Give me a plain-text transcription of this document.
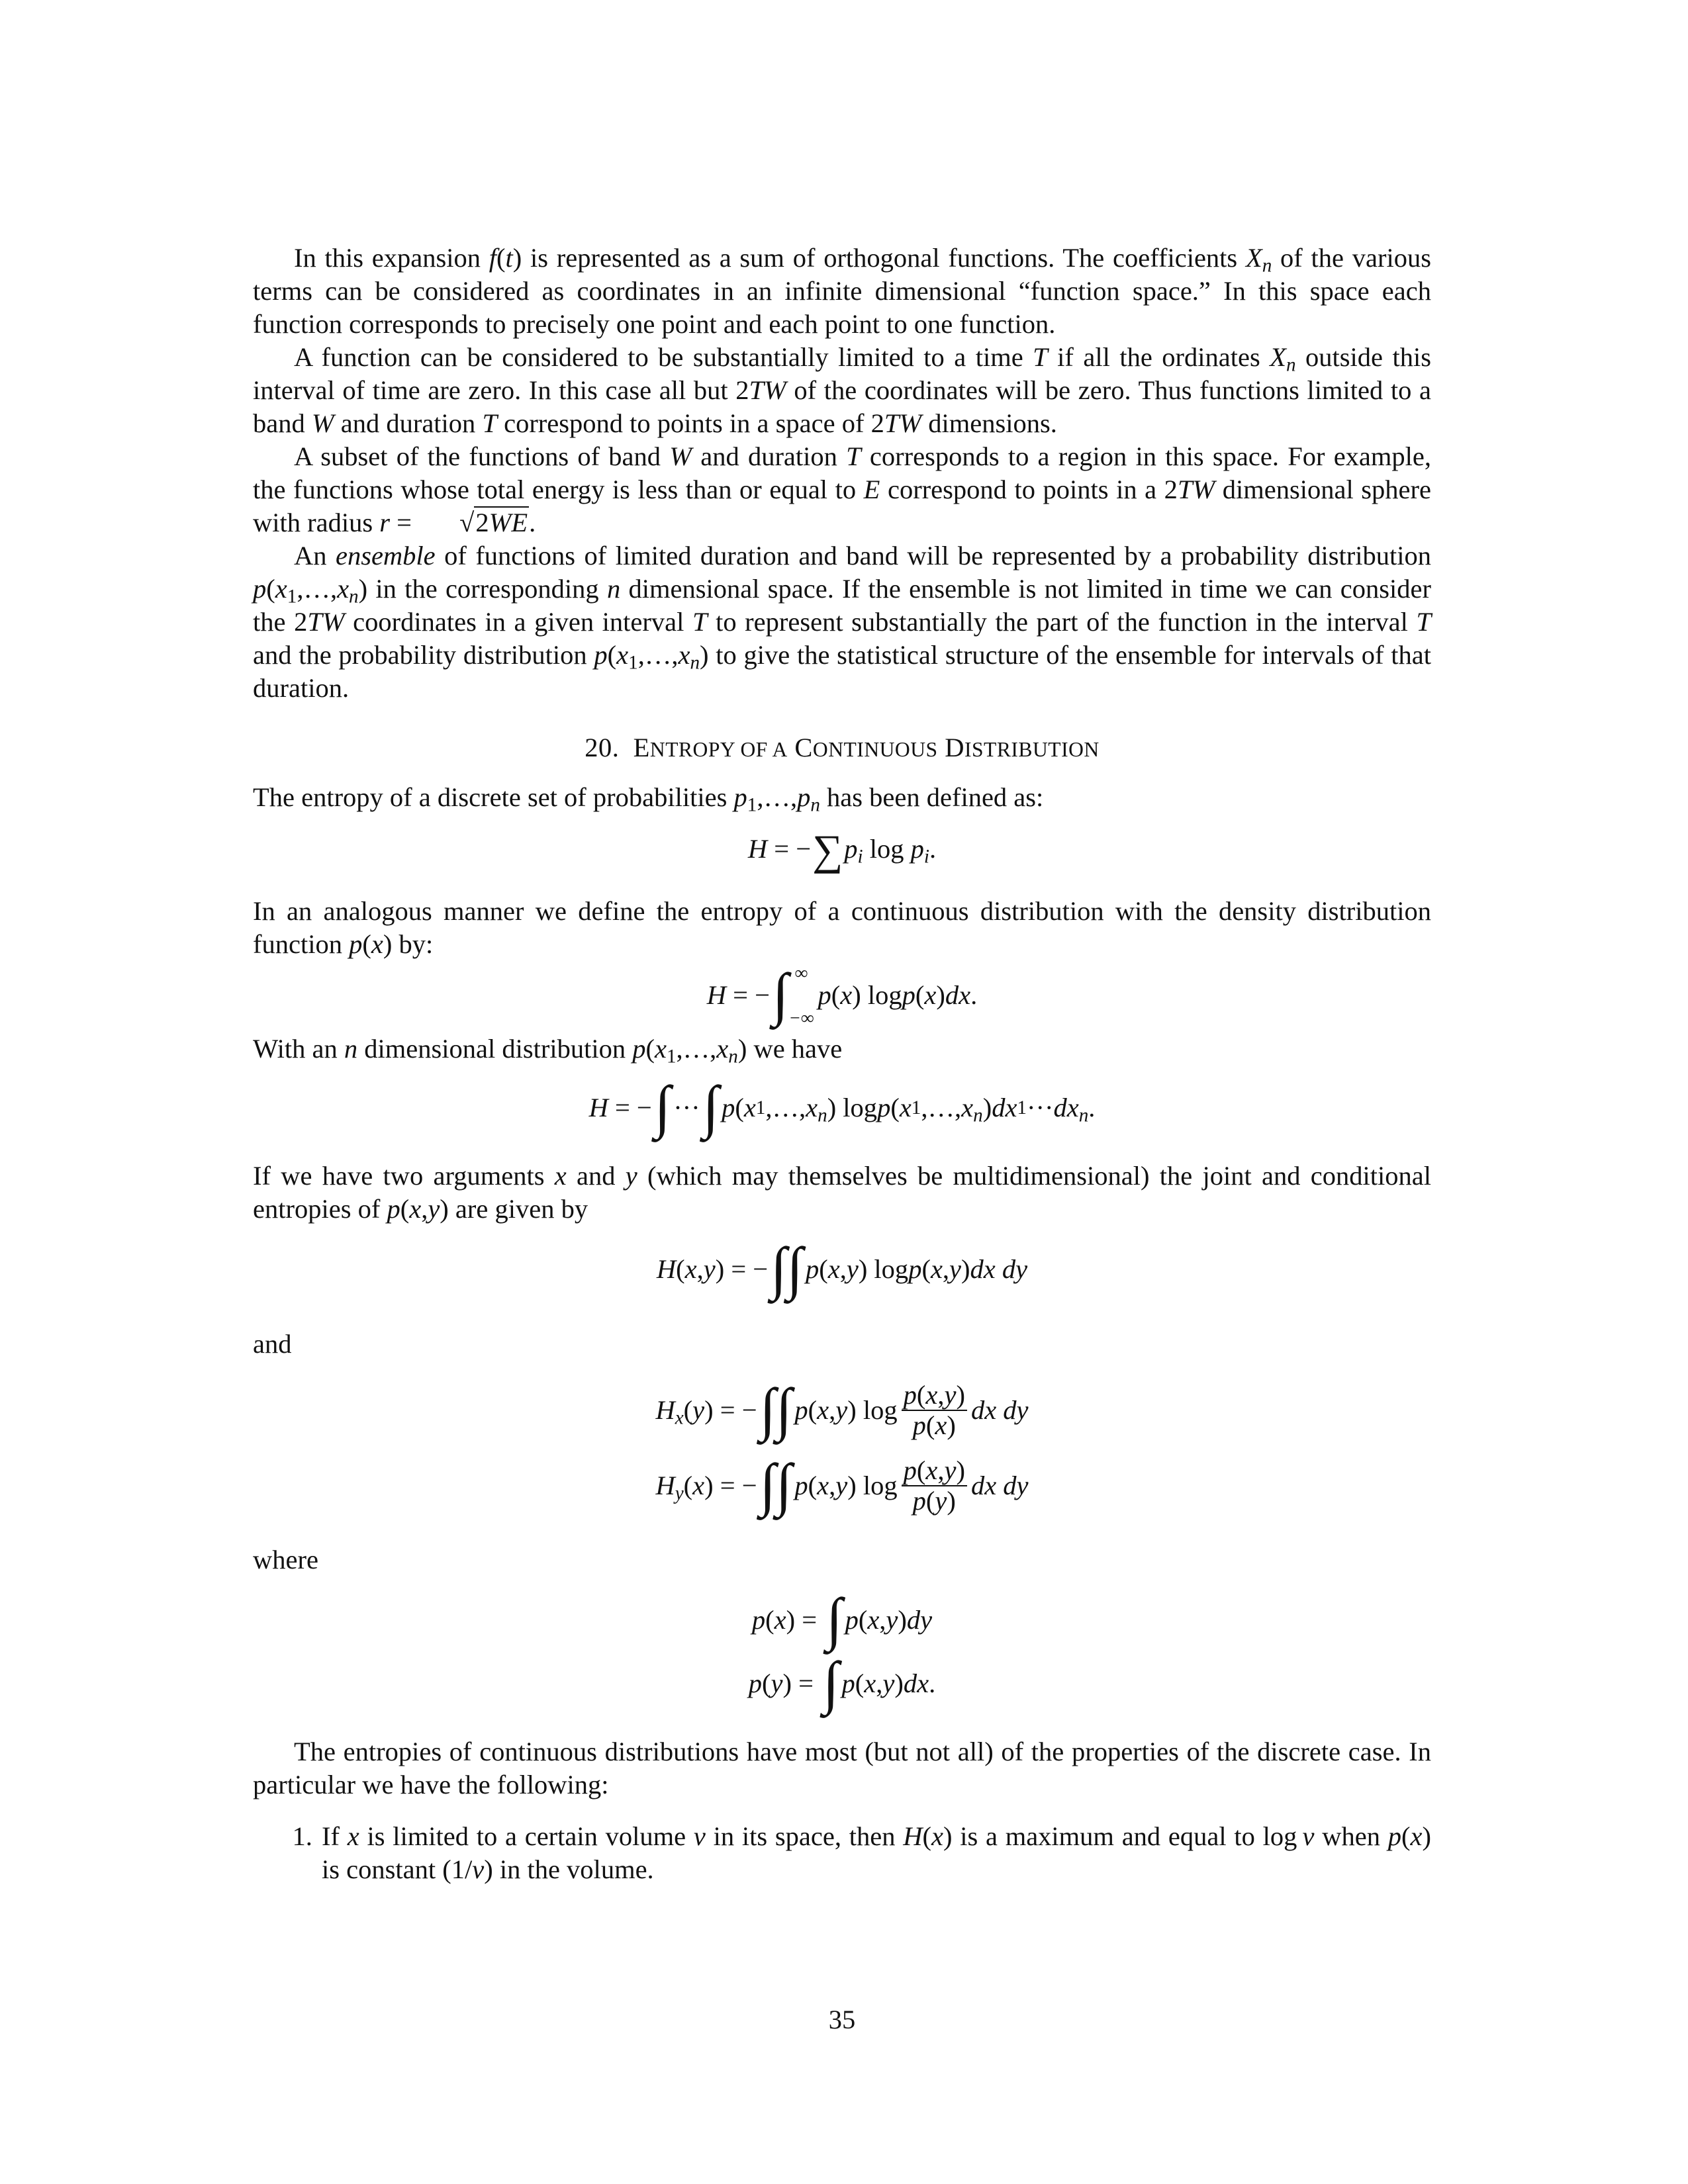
In this expansion f(t) is represented as a sum of orthogonal functions. The coefficients $X_n$ of the various terms can be considered as coordinates in an infinite dimensional “function space.” In this space each function corresponds to precisely one point and each point to one function.

A function can be considered to be substantially limited to a time T if all the ordinates $X_n$ outside this interval of time are zero. In this case all but 2TW of the coordinates will be zero. Thus functions limited to a band W and duration T correspond to points in a space of 2TW dimensions.

A subset of the functions of band W and duration T corresponds to a region in this space. For example, the functions whose total energy is less than or equal to E correspond to points in a 2TW dimensional sphere with radius r = √2WE.

An ensemble of functions of limited duration and band will be represented by a probability distribution $p(x_1,\dots,x_n)$ in the corresponding n dimensional space. If the ensemble is not limited in time we can consider the 2TW coordinates in a given interval T to represent substantially the part of the function in the interval T and the probability distribution $p(x_1,\dots,x_n)$ to give the statistical structure of the ensemble for intervals of that duration.

20.  ENTROPY OF A CONTINUOUS DISTRIBUTION

The entropy of a discrete set of probabilities $p_1,\dots,p_n$ has been defined as:

$H = -\sum p_i$ $\log p_i$.

In an analogous manner we define the entropy of a continuous distribution with the density distribution function p(x) by:

H = − ∫ ∞
−∞
p ( x ) log p ( x ) dx .

With an n dimensional distribution $p(x_1,\dots,x_n)$ we have

H = − ∫ ··· ∫ p ( x 1 ,…, $x_n$ ) log p ( x 1 ,…, $x_n$ ) dx 1 ··· $dx_n$ .

If we have two arguments x and y (which may themselves be multidimensional) the joint and conditional entropies of p(x,y) are given by

H ( x , y ) = − ∫∫ p ( x , y ) log p ( x , y ) dx dy

and

$H_x$ ( y ) = − ∫∫ p ( x , y ) $\log \frac{p(x,y)}{p(x)}$ dx dy
$H_y$ ( x ) = − ∫∫ p ( x , y ) $\log \frac{p(x,y)}{p(y)}$ dx dy

where

p ( x ) = ∫ p ( x , y ) dy
p ( y ) = ∫ p ( x , y ) dx .

The entropies of continuous distributions have most (but not all) of the properties of the discrete case. In particular we have the following:

1. If x is limited to a certain volume v in its space, then H(x) is a maximum and equal to log v when p(x) is constant (1/v) in the volume.
35
